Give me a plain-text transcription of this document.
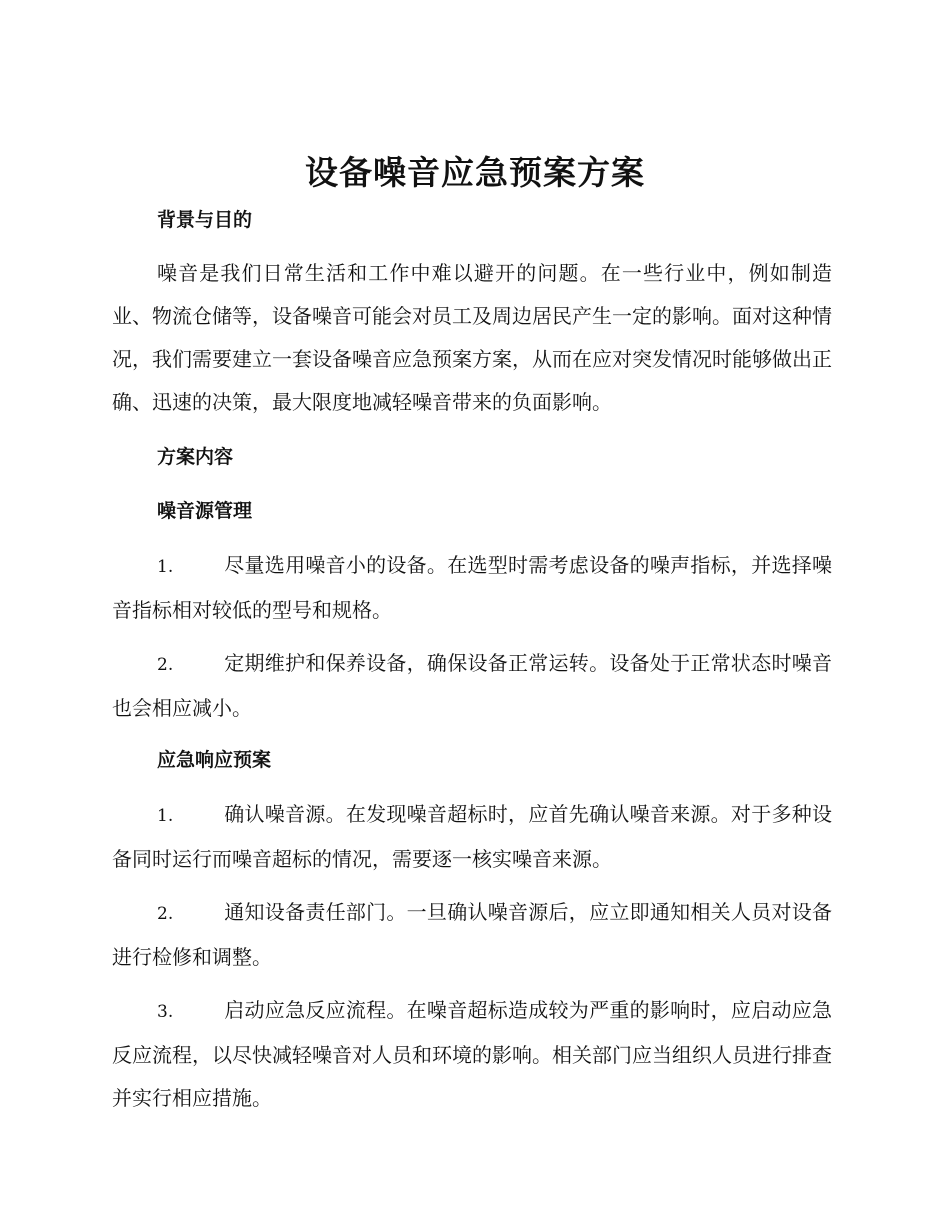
设备噪音应急预案方案
背景与目的

噪音是我们日常生活和工作中难以避开的问题。在一些行业中，例如制造业、物流仓储等，设备噪音可能会对员工及周边居民产生一定的影响。面对这种情况，我们需要建立一套设备噪音应急预案方案，从而在应对突发情况时能够做出正确、迅速的决策，最大限度地减轻噪音带来的负面影响。

方案内容
噪音源管理

1.	尽量选用噪音小的设备。在选型时需考虑设备的噪声指标，并选择噪音指标相对较低的型号和规格。

2.	定期维护和保养设备，确保设备正常运转。设备处于正常状态时噪音也会相应减小。

应急响应预案

1.	确认噪音源。在发现噪音超标时，应首先确认噪音来源。对于多种设备同时运行而噪音超标的情况，需要逐一核实噪音来源。

2.	通知设备责任部门。一旦确认噪音源后，应立即通知相关人员对设备进行检修和调整。

3.	启动应急反应流程。在噪音超标造成较为严重的影响时，应启动应急反应流程，以尽快减轻噪音对人员和环境的影响。相关部门应当组织人员进行排查并实行相应措施。
